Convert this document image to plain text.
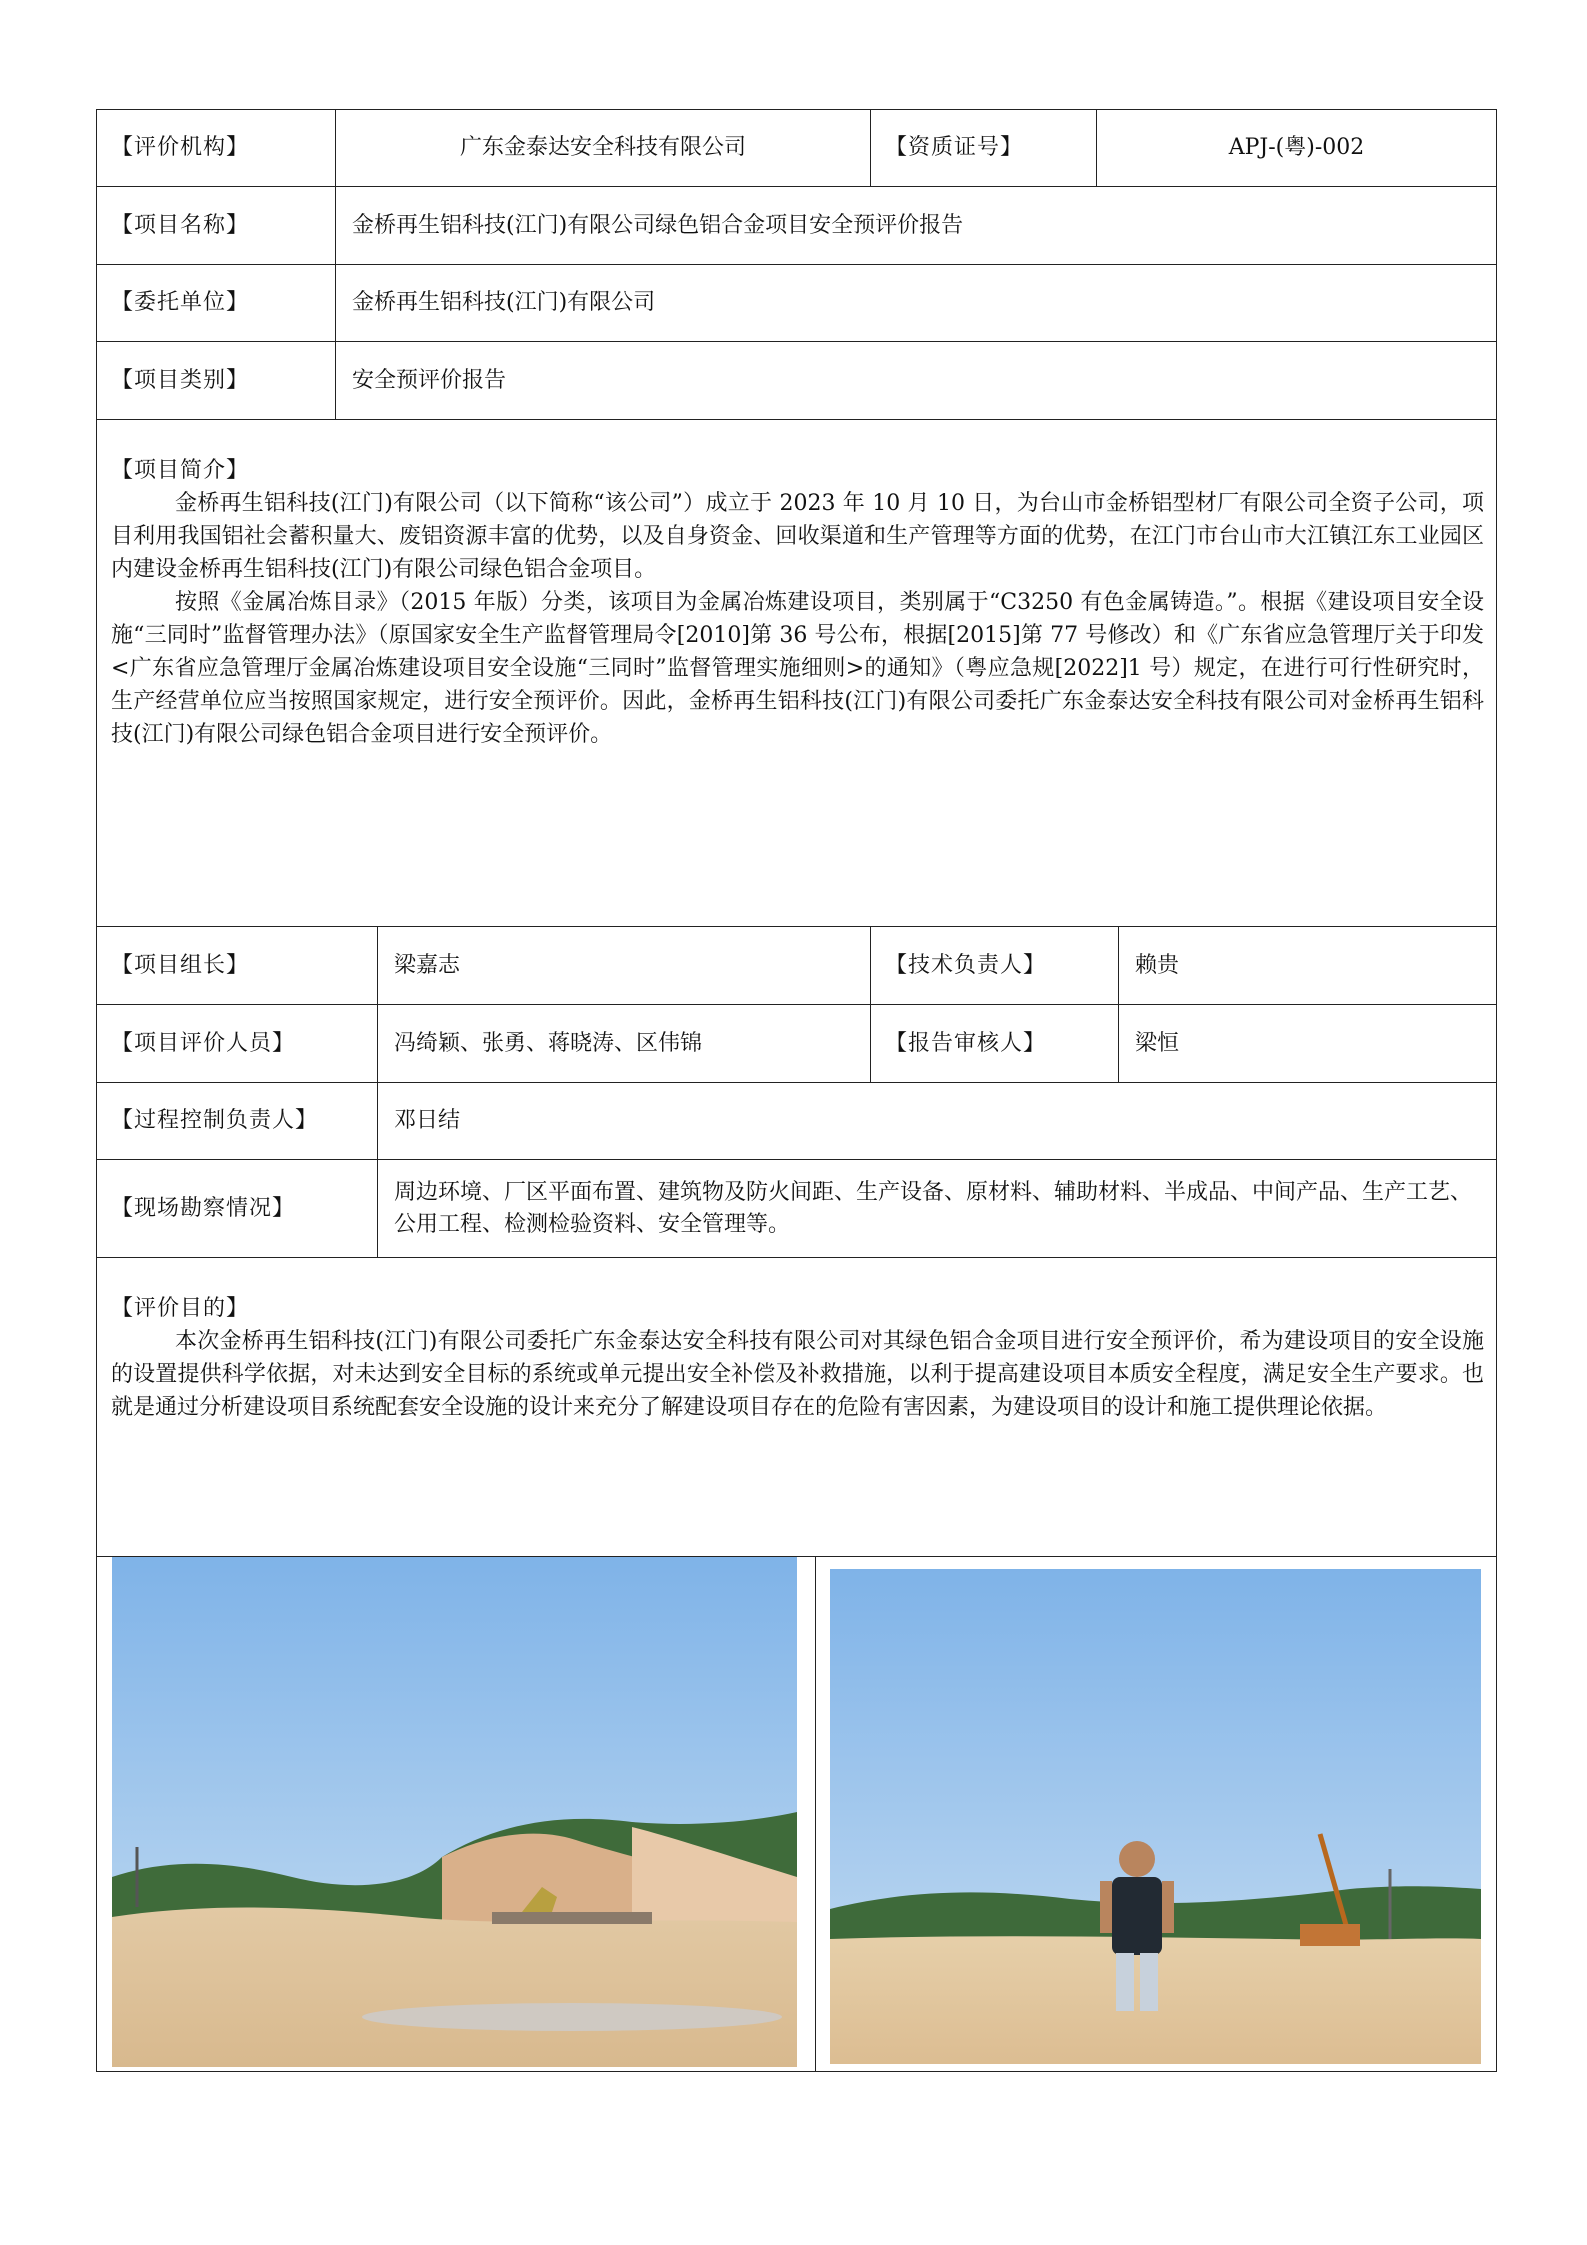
【评价机构】	广东金泰达安全科技有限公司	【资质证号】	APJ-(粤)-002
【项目名称】	金桥再生铝科技(江门)有限公司绿色铝合金项目安全预评价报告
【委托单位】	金桥再生铝科技(江门)有限公司
【项目类别】	安全预评价报告
【项目简介】

金桥再生铝科技(江门)有限公司（以下简称“该公司”）成立于 2023 年 10 月 10 日，为台山市金桥铝型材厂有限公司全资子公司，项目利用我国铝社会蓄积量大、废铝资源丰富的优势，以及自身资金、回收渠道和生产管理等方面的优势，在江门市台山市大江镇江东工业园区内建设金桥再生铝科技(江门)有限公司绿色铝合金项目。

按照《金属冶炼目录》（2015 年版）分类，该项目为金属冶炼建设项目，类别属于“C3250 有色金属铸造。”。根据《建设项目安全设施“三同时”监督管理办法》（原国家安全生产监督管理局令[2010]第 36 号公布，根据[2015]第 77 号修改）和《广东省应急管理厅关于印发<广东省应急管理厅金属冶炼建设项目安全设施“三同时”监督管理实施细则>的通知》（粤应急规[2022]1 号）规定，在进行可行性研究时，生产经营单位应当按照国家规定，进行安全预评价。因此，金桥再生铝科技(江门)有限公司委托广东金泰达安全科技有限公司对金桥再生铝科技(江门)有限公司绿色铝合金项目进行安全预评价。

【项目组长】	梁嘉志	【技术负责人】	赖贵
【项目评价人员】	冯绮颖、张勇、蒋晓涛、区伟锦	【报告审核人】	梁恒
【过程控制负责人】	邓日结
【现场勘察情况】
周边环境、厂区平面布置、建筑物及防火间距、生产设备、原材料、辅助材料、半成品、中间产品、生产工艺、公用工程、检测检验资料、安全管理等。
【评价目的】

本次金桥再生铝科技(江门)有限公司委托广东金泰达安全科技有限公司对其绿色铝合金项目进行安全预评价，希为建设项目的安全设施的设置提供科学依据，对未达到安全目标的系统或单元提出安全补偿及补救措施，以利于提高建设项目本质安全程度，满足安全生产要求。也就是通过分析建设项目系统配套安全设施的设计来充分了解建设项目存在的危险有害因素，为建设项目的设计和施工提供理论依据。
